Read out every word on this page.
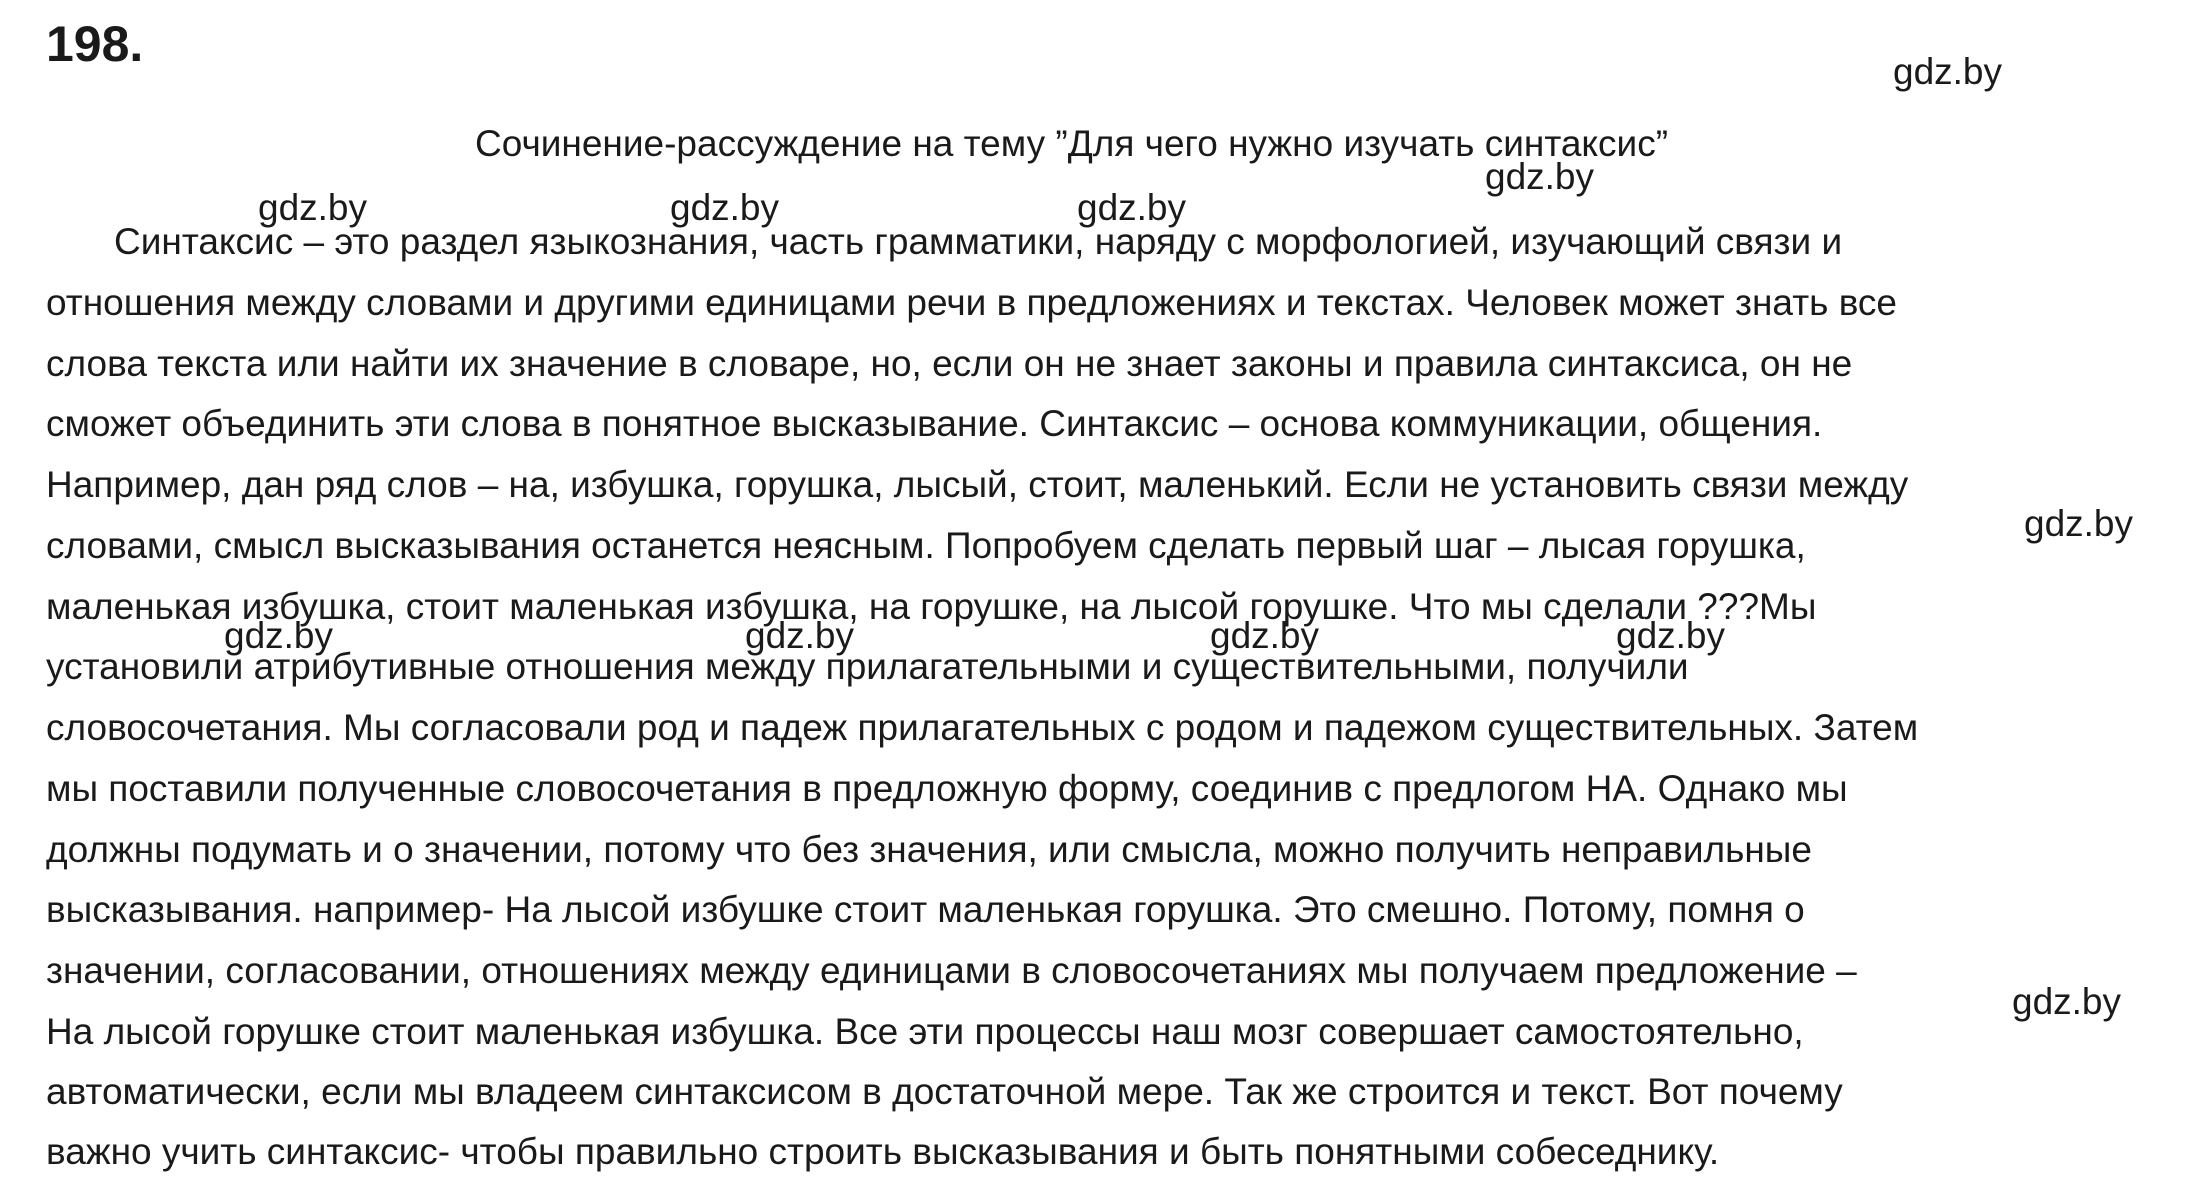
198.	gdz.by
gdz.by
gdz.by	gdz.by	gdz.by
gdz.by
gdz.by	gdz.by	gdz.by	gdz.by
gdz.by
Сочинение-рассуждение на тему ”Для чего нужно изучать синтаксис”
Синтаксис – это раздел языкознания, часть грамматики, наряду с морфологией, изучающий связи и
отношения между словами и другими единицами речи в предложениях и текстах. Человек может знать все
слова текста или найти их значение в словаре, но, если он не знает законы и правила синтаксиса, он не
сможет объединить эти слова в понятное высказывание. Синтаксис – основа коммуникации, общения.
Например, дан ряд слов – на, избушка, горушка, лысый, стоит, маленький. Если не установить связи между
словами, смысл высказывания останется неясным. Попробуем сделать первый шаг – лысая горушка,
маленькая избушка, стоит маленькая избушка, на горушке, на лысой горушке. Что мы сделали ???Мы
установили атрибутивные отношения между прилагательными и существительными, получили
словосочетания. Мы согласовали род и падеж прилагательных с родом и падежом существительных. Затем
мы поставили полученные словосочетания в предложную форму, соединив с предлогом НА. Однако мы
должны подумать и о значении, потому что без значения, или смысла, можно получить неправильные
высказывания. например- На лысой избушке стоит маленькая горушка. Это смешно. Потому, помня о
значении, согласовании, отношениях между единицами в словосочетаниях мы получаем предложение –
На лысой горушке стоит маленькая избушка. Все эти процессы наш мозг совершает самостоятельно,
автоматически, если мы владеем синтаксисом в достаточной мере. Так же строится и текст. Вот почему
важно учить синтаксис- чтобы правильно строить высказывания и быть понятными собеседнику.
